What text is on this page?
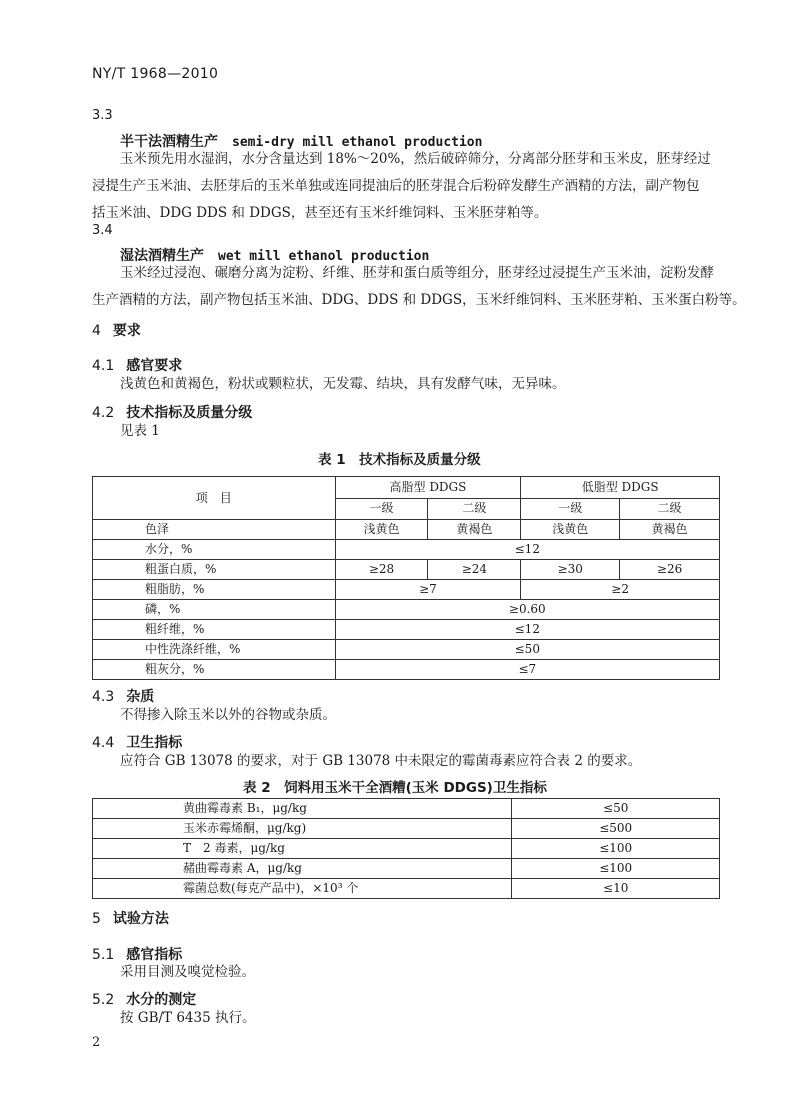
NY/T 1968—2010
3.3
半干法酒精生产 semi-dry mill ethanol production
玉米预先用水湿润，水分含量达到 18%～20%，然后破碎筛分，分离部分胚芽和玉米皮，胚芽经过
浸提生产玉米油、去胚芽后的玉米单独或连同提油后的胚芽混合后粉碎发酵生产酒精的方法，副产物包
括玉米油、DDG DDS 和 DDGS，甚至还有玉米纤维饲料、玉米胚芽粕等。
3.4
湿法酒精生产 wet mill ethanol production
玉米经过浸泡、碾磨分离为淀粉、纤维、胚芽和蛋白质等组分，胚芽经过浸提生产玉米油，淀粉发酵
生产酒精的方法，副产物包括玉米油、DDG、DDS 和 DDGS，玉米纤维饲料、玉米胚芽粕、玉米蛋白粉等。
4 要求
4.1 感官要求
浅黄色和黄褐色，粉状或颗粒状，无发霉、结块，具有发酵气味，无异味。
4.2 技术指标及质量分级
见表 1
表 1　技术指标及质量分级
项　目	高脂型 DDGS		低脂型 DDGS	
	一级	二级	一级	二级
色泽	浅黄色	黄褐色	浅黄色	黄褐色
水分，%	≤12			
粗蛋白质，%	≥28	≥24	≥30	≥26
粗脂肪，%	≥7		≥2	
磷，%	≥0.60			
粗纤维，%	≤12			
中性洗涤纤维，%	≤50			
粗灰分，%	≤7			
4.3 杂质
不得掺入除玉米以外的谷物或杂质。
4.4 卫生指标
应符合 GB 13078 的要求，对于 GB 13078 中未限定的霉菌毒素应符合表 2 的要求。
表 2　饲料用玉米干全酒糟(玉米 DDGS)卫生指标
黄曲霉毒素 B₁，μg/kg	≤50
玉米赤霉烯酮，μg/kg)	≤500
T　2 毒素，μg/kg	≤100
赭曲霉毒素 A，μg/kg	≤100
霉菌总数(每克产品中)，×10³ 个	≤10
5 试验方法
5.1 感官指标
采用目测及嗅觉检验。
5.2 水分的测定
按 GB/T 6435 执行。
2
